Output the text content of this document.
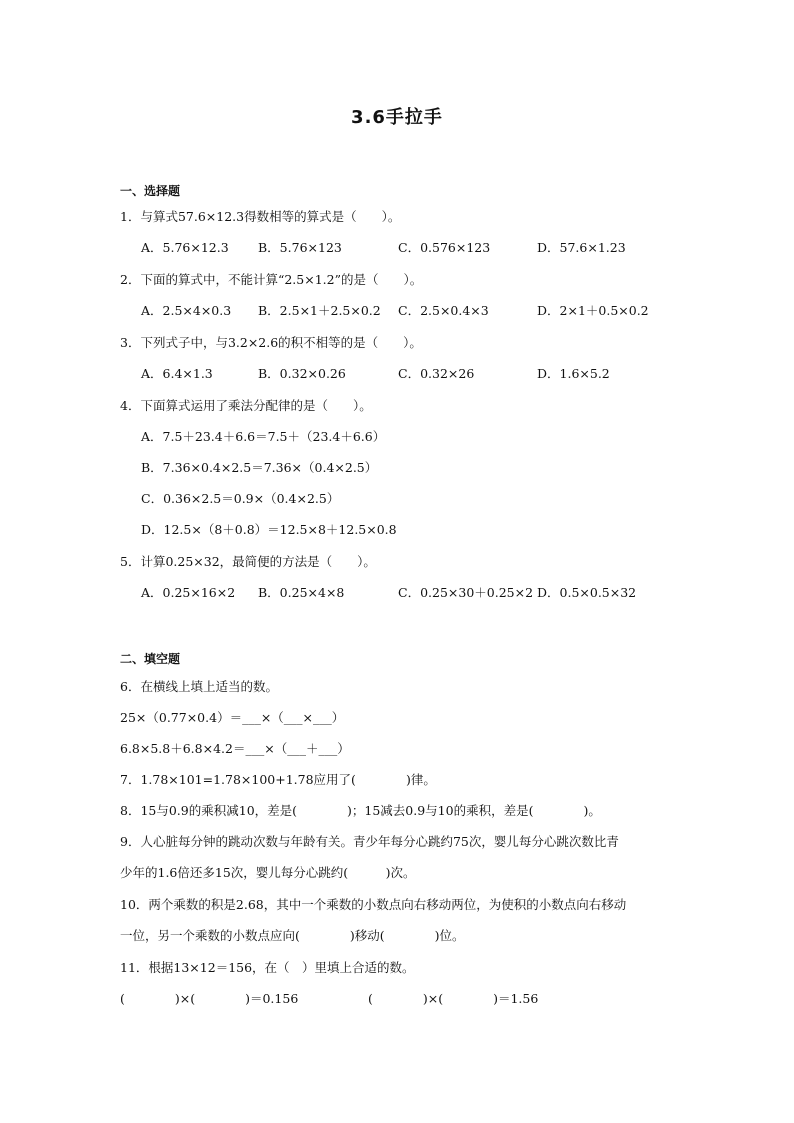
3.6手拉手
一、选择题
1．与算式57.6×12.3得数相等的算式是（　　）。
A．5.76×12.3 B．5.76×123	C．0.576×123	D．57.6×1.23
2．下面的算式中，不能计算“2.5×1.2”的是（　　）。
A．2.5×4×0.3 B．2.5×1＋2.5×0.2 C．2.5×0.4×3	D．2×1＋0.5×0.2
3．下列式子中，与3.2×2.6的积不相等的是（　　）。
A．6.4×1.3	B．0.32×0.26	C．0.32×26	D．1.6×5.2
4．下面算式运用了乘法分配律的是（　　）。
A．7.5＋23.4＋6.6＝7.5＋（23.4＋6.6）
B．7.36×0.4×2.5＝7.36×（0.4×2.5）
C．0.36×2.5＝0.9×（0.4×2.5）
D．12.5×（8＋0.8）＝12.5×8＋12.5×0.8
5．计算0.25×32，最简便的方法是（　　）。
A．0.25×16×2 B．0.25×4×8	C．0.25×30＋0.25×2 D．0.5×0.5×32
二、填空题
6．在横线上填上适当的数。
25×（0.77×0.4）＝___×（___×___）
6.8×5.8＋6.8×4.2＝___×（___＋___）
7．1.78×101=1.78×100+1.78应用了(　　　　)律。
8．15与0.9的乘积减10，差是(　　　　)；15减去0.9与10的乘积，差是(　　　　)。
9．人心脏每分钟的跳动次数与年龄有关。青少年每分心跳约75次，婴儿每分心跳次数比青
少年的1.6倍还多15次，婴儿每分心跳约(　　　)次。
10．两个乘数的积是2.68，其中一个乘数的小数点向右移动两位，为使积的小数点向右移动
一位，另一个乘数的小数点应向(　　　　)移动(　　　　)位。
11．根据13×12＝156，在（　）里填上合适的数。
(　　　　)×(　　　　)＝0.156	(　　　　)×(　　　　)＝1.56
